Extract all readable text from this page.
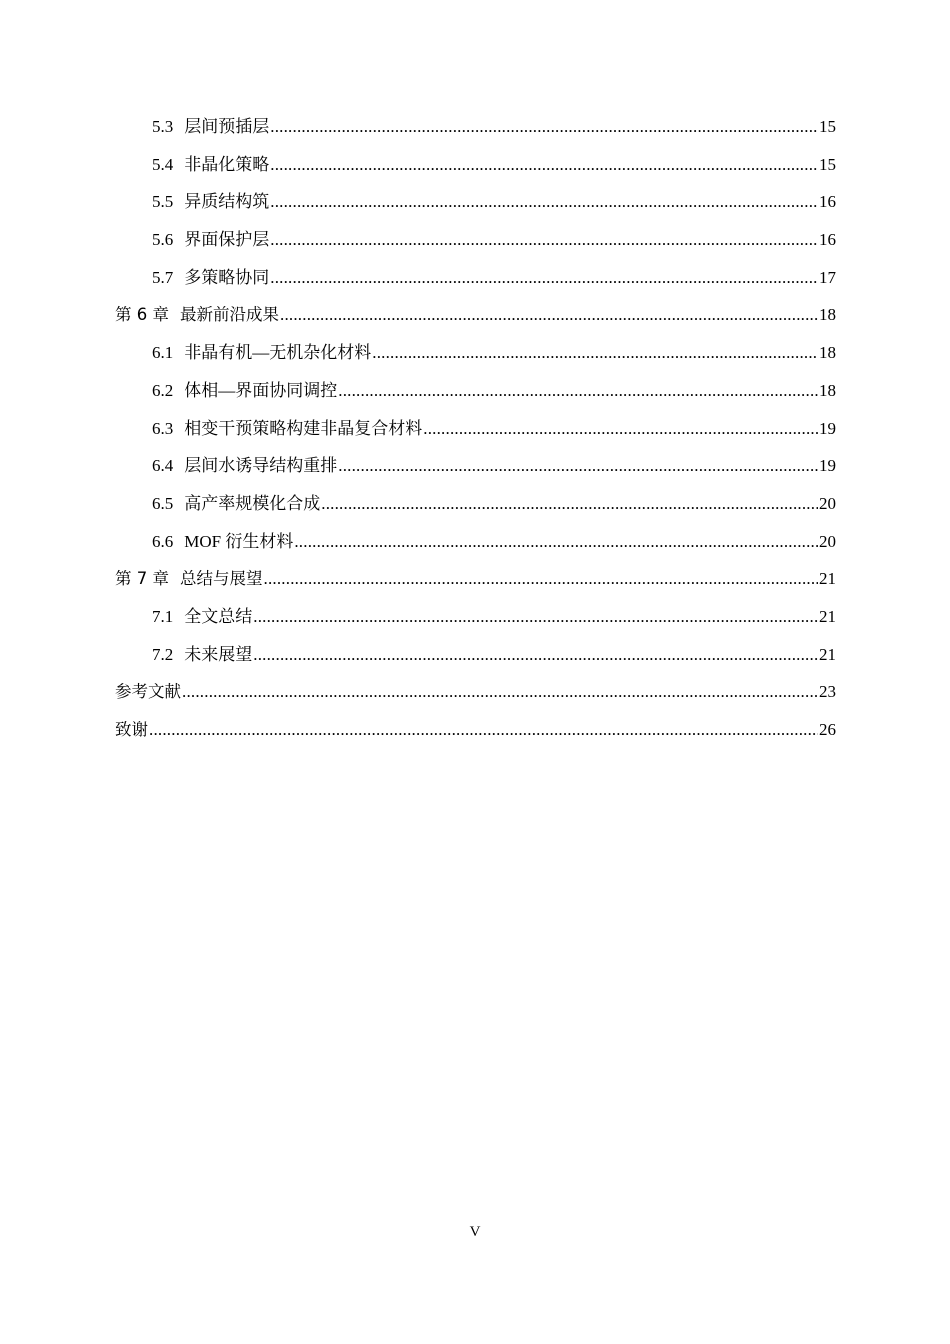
5.3 层间预插层 .....	15
5.4 非晶化策略 .....	15
5.5 异质结构筑 .....	16
5.6 界面保护层 .....	16
5.7 多策略协同 .....	17
第 6 章 最新前沿成果 .....	18
6.1 非晶有机—无机杂化材料 .....	18
6.2 体相—界面协同调控 .....	18
6.3 相变干预策略构建非晶复合材料 .....	19
6.4 层间水诱导结构重排 .....	19
6.5 高产率规模化合成 .....	20
6.6 MOF 衍生材料 .....	20
第 7 章 总结与展望 .....	21
7.1 全文总结 .....	21
7.2 未来展望 .....	21
参考文献 .....	23
致谢 .....	26
V
